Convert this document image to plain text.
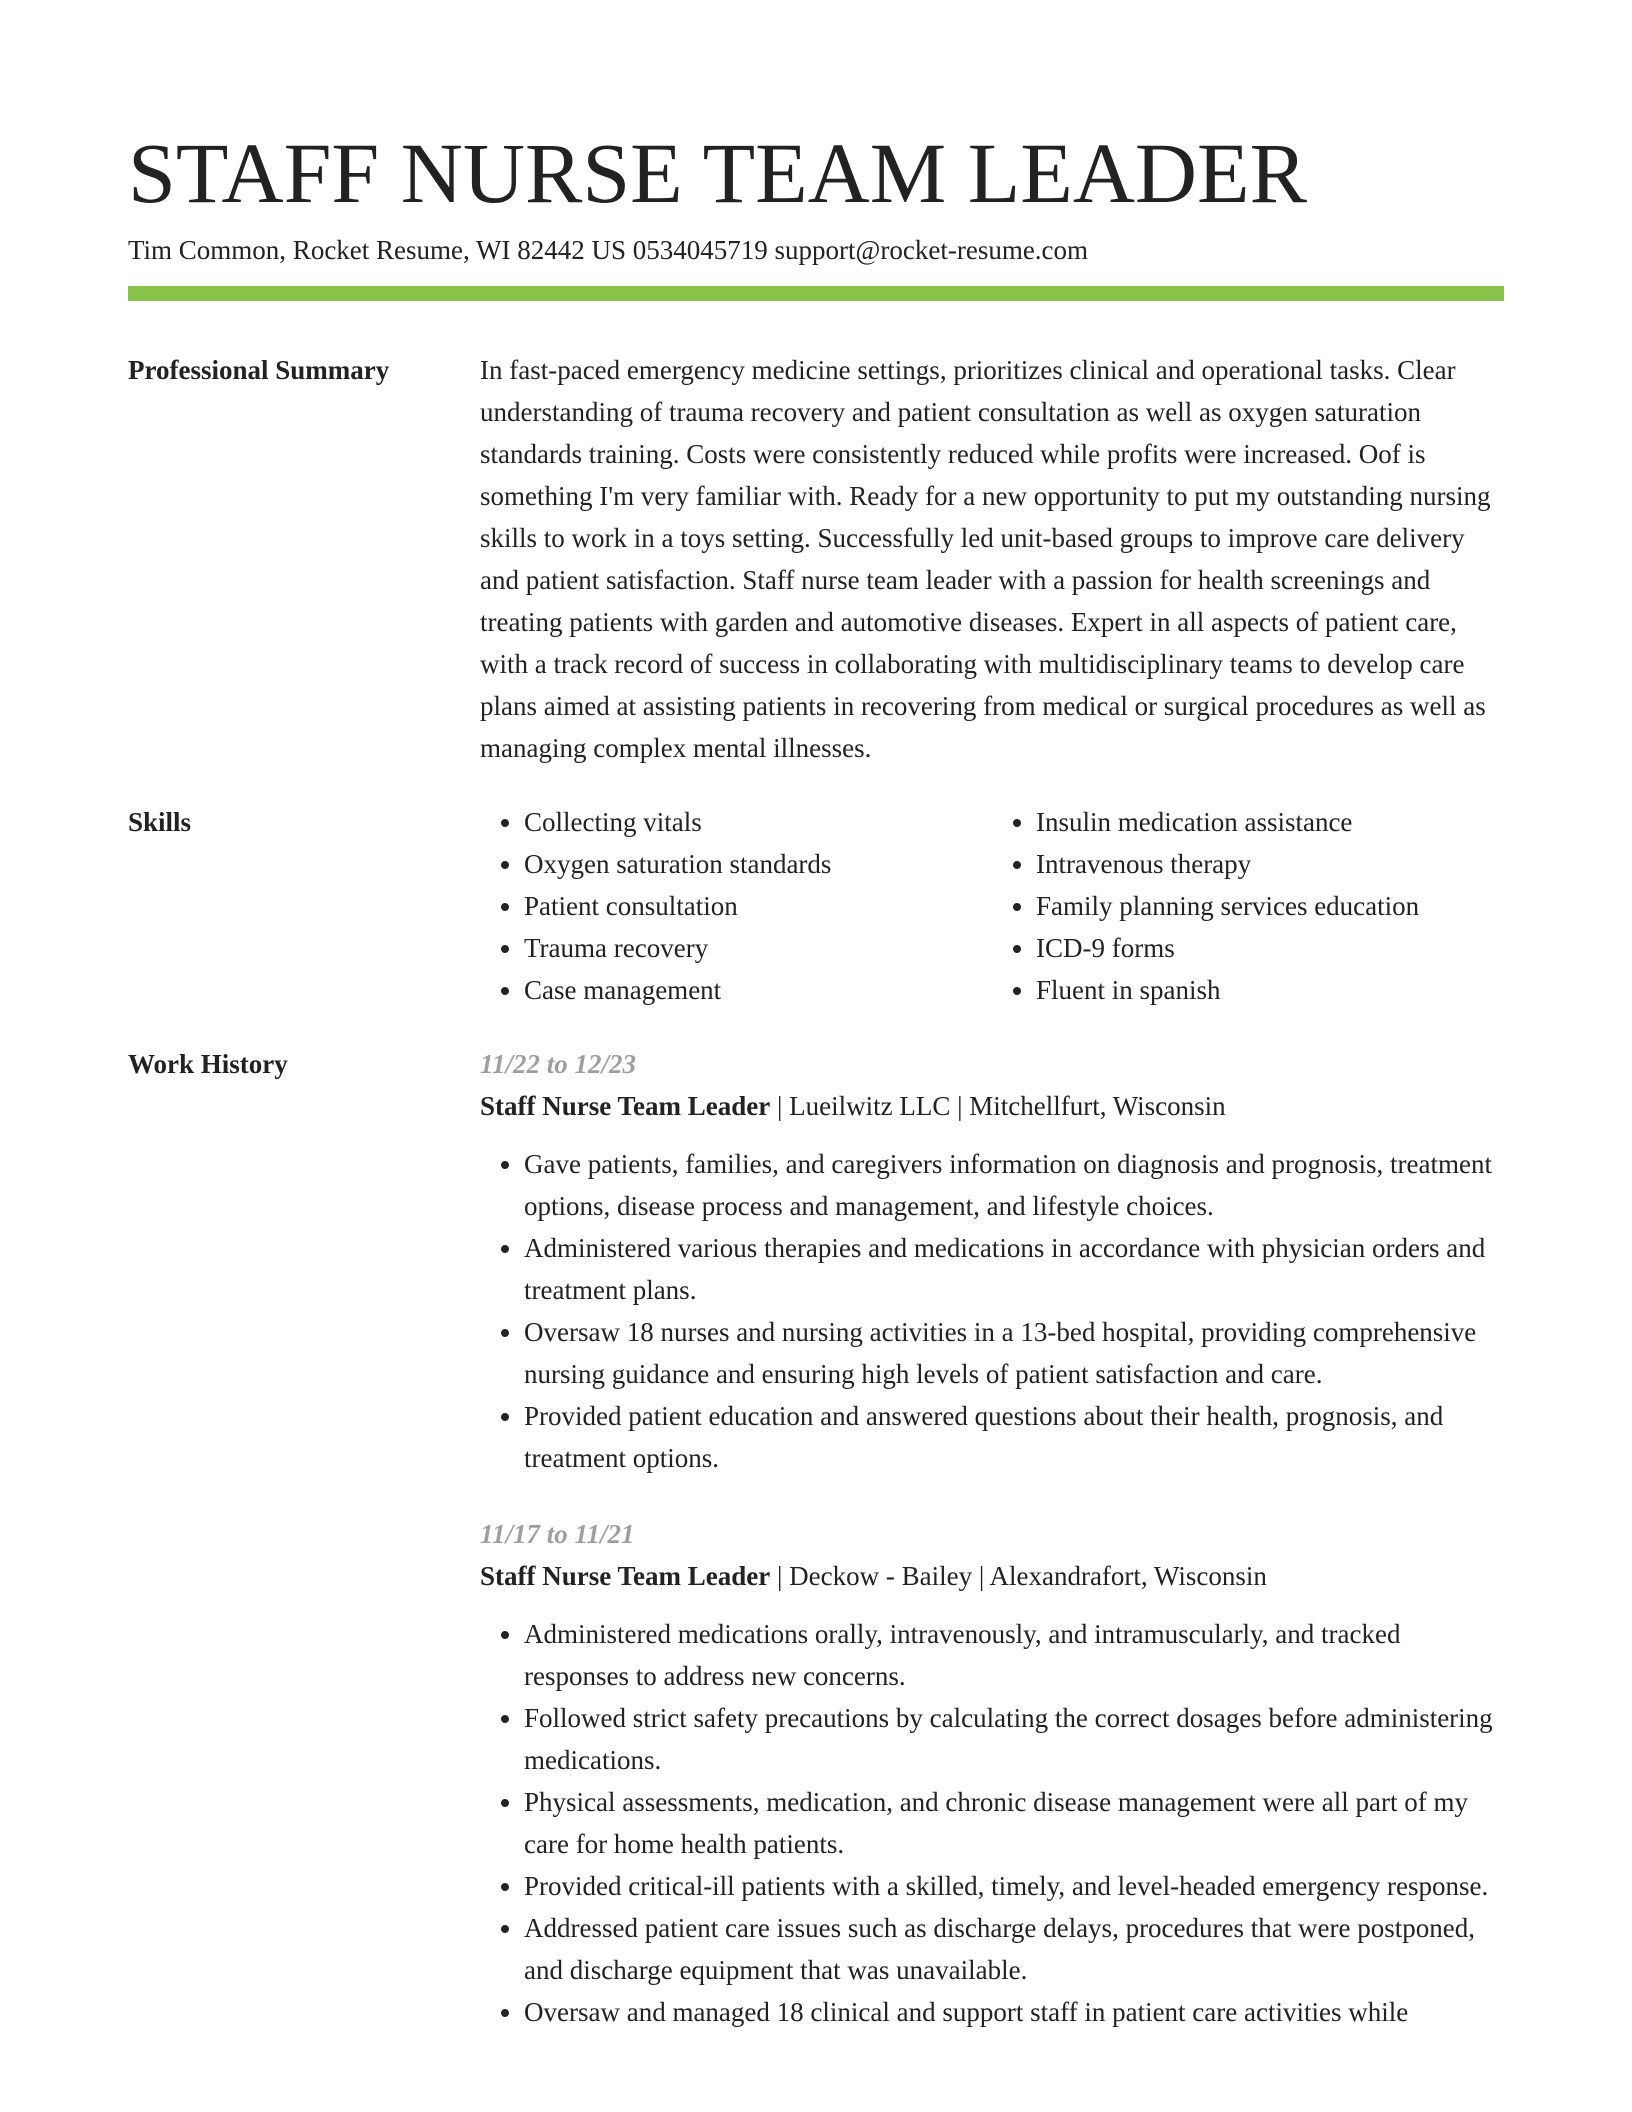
STAFF NURSE TEAM LEADER
Tim Common, Rocket Resume, WI 82442 US 0534045719 support@rocket-resume.com
Professional Summary	In fast-paced emergency medicine settings, prioritizes clinical and operational tasks. Clear understanding of trauma recovery and patient consultation as well as oxygen saturation standards training. Costs were consistently reduced while profits were increased. Oof is something I'm very familiar with. Ready for a new opportunity to put my outstanding nursing skills to work in a toys setting. Successfully led unit-based groups to improve care delivery and patient satisfaction. Staff nurse team leader with a passion for health screenings and treating patients with garden and automotive diseases. Expert in all aspects of patient care, with a track record of success in collaborating with multidisciplinary teams to develop care plans aimed at assisting patients in recovering from medical or surgical procedures as well as managing complex mental illnesses.

Skills
•	Collecting vitals
• Oxygen saturation standards
• Patient consultation
• Trauma recovery
• Case management
• Insulin medication assistance
• Intravenous therapy
• Family planning services education
• ICD-9 forms
• Fluent in spanish
Work History	11/22 to 12/23
Staff Nurse Team Leader | Lueilwitz LLC | Mitchellfurt, Wisconsin
• Gave patients, families, and caregivers information on diagnosis and prognosis, treatment options, disease process and management, and lifestyle choices.
• Administered various therapies and medications in accordance with physician orders and treatment plans.
• Oversaw 18 nurses and nursing activities in a 13-bed hospital, providing comprehensive nursing guidance and ensuring high levels of patient satisfaction and care.
• Provided patient education and answered questions about their health, prognosis, and treatment options.
11/17 to 11/21
Staff Nurse Team Leader | Deckow - Bailey | Alexandrafort, Wisconsin
• Administered medications orally, intravenously, and intramuscularly, and tracked responses to address new concerns.
• Followed strict safety precautions by calculating the correct dosages before administering medications.
• Physical assessments, medication, and chronic disease management were all part of my care for home health patients.
• Provided critical-ill patients with a skilled, timely, and level-headed emergency response.
• Addressed patient care issues such as discharge delays, procedures that were postponed, and discharge equipment that was unavailable.
• Oversaw and managed 18 clinical and support staff in patient care activities while
